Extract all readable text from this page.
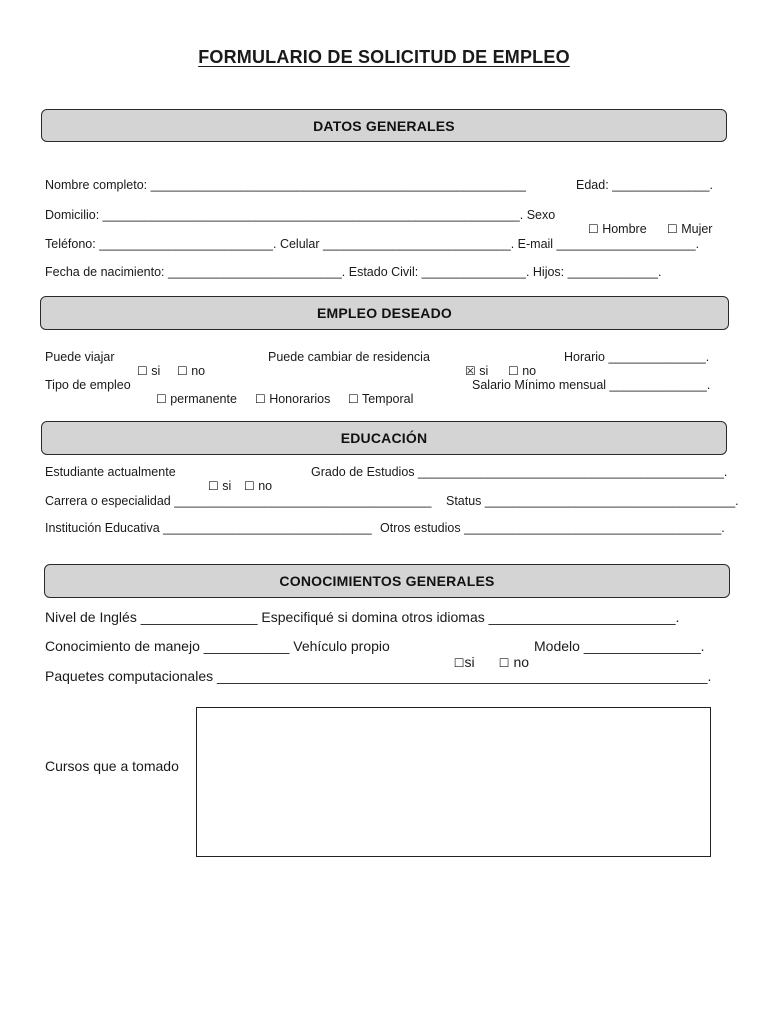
FORMULARIO DE SOLICITUD DE EMPLEO
DATOS GENERALES
Nombre completo: ______________________________________________________	Edad: ______________.
Domicilio: ____________________________________________________________. Sexo

☐ Hombre	☐ Mujer

Teléfono: _________________________. Celular ___________________________. E-mail ____________________.
Fecha de nacimiento: _________________________. Estado Civil: _______________. Hijos: _____________.
EMPLEO DESEADO
Puede viajar

☐ si	☐ no

Puede cambiar de residencia

☒ si	☐ no

Horario ______________.
Tipo de empleo

☐ permanente	☐ Honorarios	☐ Temporal

Salario Mínimo mensual ______________.
EDUCACIÓN
Estudiante actualmente

☐ si	☐ no

Grado de Estudios ____________________________________________.
Carrera o especialidad _____________________________________ Status ____________________________________.
Institución Educativa ______________________________ Otros estudios _____________________________________.
CONOCIMIENTOS GENERALES
Nivel de Inglés _______________ Especifiqué si domina otros idiomas ________________________.
Conocimiento de manejo ___________ Vehículo propio

☐si	☐ no

Modelo _______________.
Paquetes computacionales _______________________________________________________________.
Cursos que a tomado
